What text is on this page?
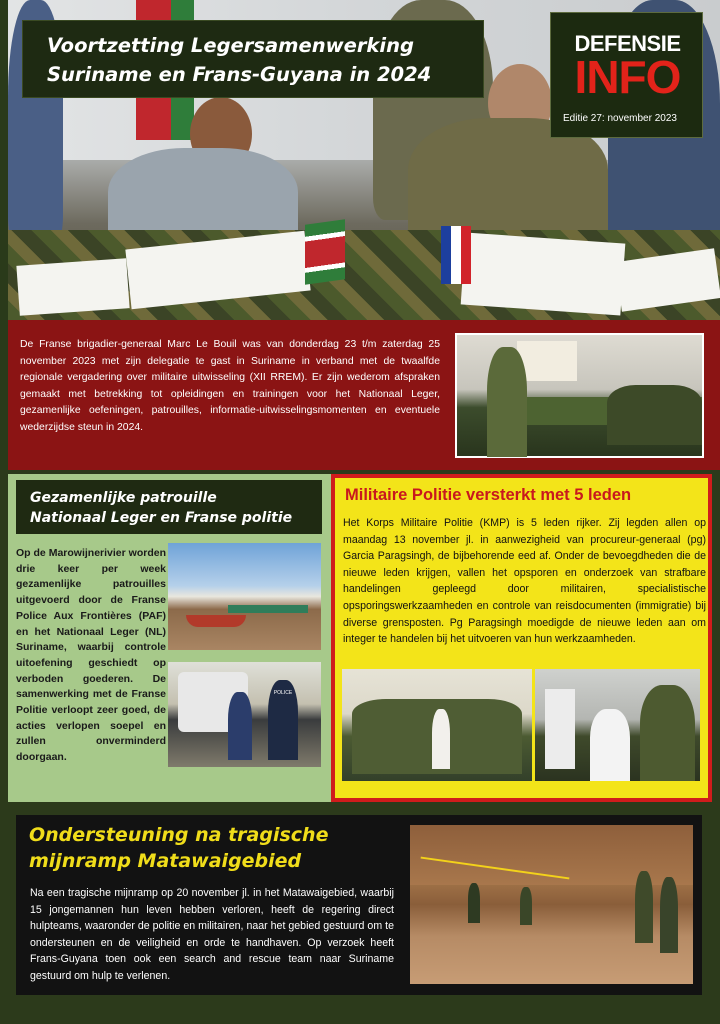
Voortzetting Legersamenwerking
Suriname en Frans-Guyana in 2024
DEFENSIE
INFO
Editie 27: november 2023
De Franse brigadier-generaal Marc Le Bouil was van donderdag 23 t/m zaterdag 25 november 2023 met zijn delegatie te gast in Suriname in verband met de twaalfde regionale vergadering over militaire uitwisseling (XII RREM). Er zijn wederom afspraken gemaakt met betrekking tot opleidingen en trainingen voor het Nationaal Leger, gezamenlijke oefeningen, patrouilles, informatie-uitwisselingsmomenten en eventuele wederzijdse steun in 2024.
Gezamenlijke patrouille
Nationaal Leger en Franse politie
Op de Marowijnerivier worden drie keer per week gezamenlijke patrouilles uitgevoerd door de Franse Police Aux Frontières (PAF) en het Nationaal Leger (NL) Suriname, waarbij controle uitoefening geschiedt op verboden goederen. De samenwerking met de Franse Politie verloopt zeer goed, de acties verlopen soepel en zullen onverminderd doorgaan.
POLICE
Militaire Politie versterkt met 5 leden
Het Korps Militaire Politie (KMP) is 5 leden rijker. Zij legden allen op maandag 13 november jl. in aanwezigheid van procureur-generaal (pg) Garcia Paragsingh, de bijbehorende eed af. Onder de bevoegdheden die de nieuwe leden krijgen, vallen het opsporen en onderzoek van strafbare handelingen gepleegd door militairen, specialistische opsporingswerkzaamheden en controle van reisdocumenten (immigratie) bij diverse grensposten. Pg Paragsingh moedigde de nieuwe leden aan om integer te handelen bij het uitvoeren van hun werkzaamheden.
Ondersteuning na tragische
mijnramp Matawaigebied
Na een tragische mijnramp op 20 november jl. in het Matawaigebied, waarbij 15 jongemannen hun leven hebben verloren, heeft de regering direct hulpteams, waaronder de politie en militairen, naar het gebied gestuurd om te ondersteunen en de veiligheid en orde te handhaven. Op verzoek heeft Frans-Guyana toen ook een search and rescue team naar Suriname gestuurd om hulp te verlenen.
